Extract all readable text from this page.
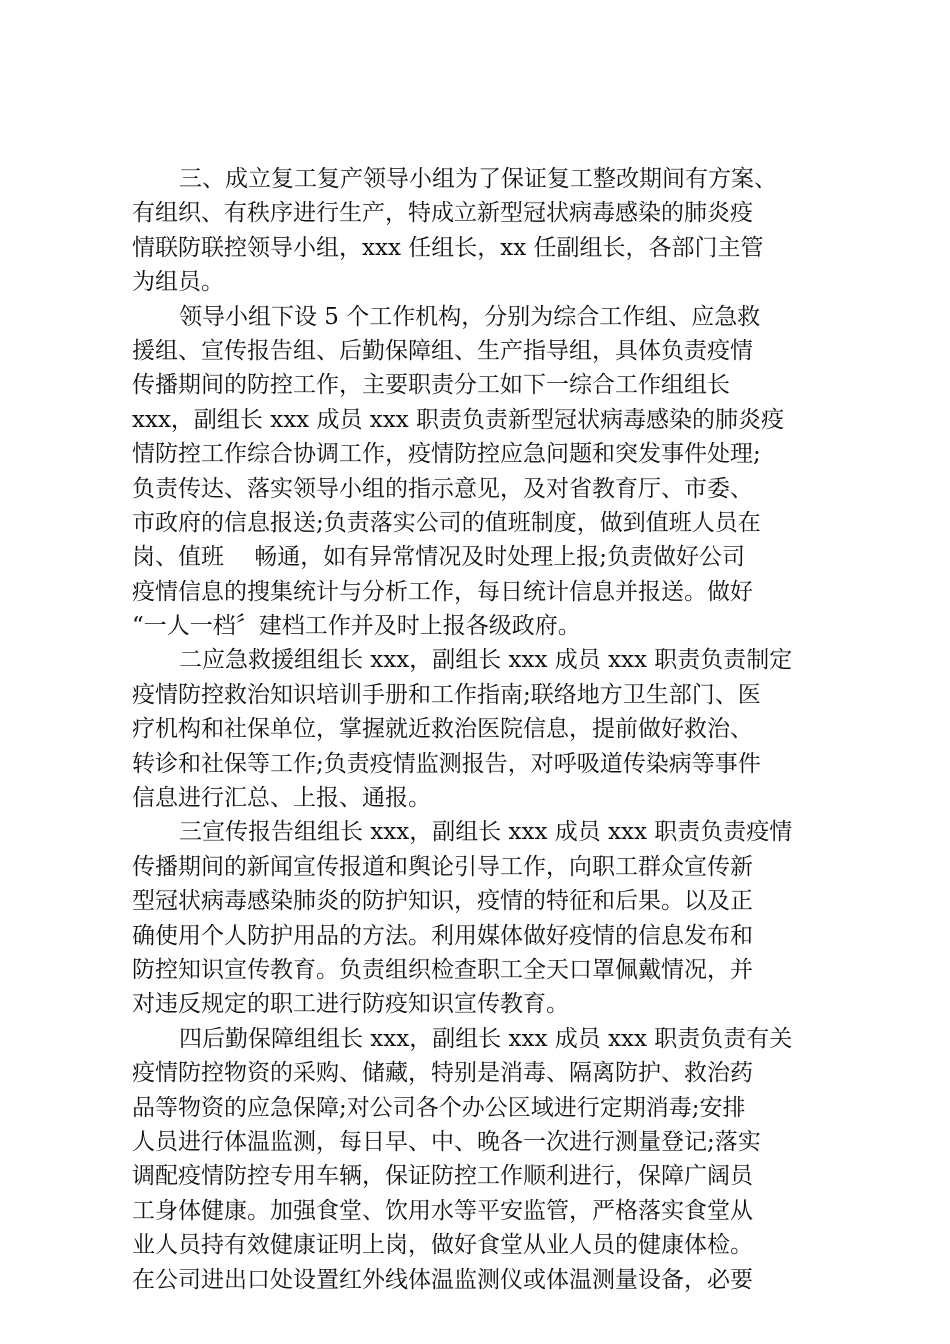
三、成立复工复产领导小组为了保证复工整改期间有方案、
有组织、有秩序进行生产，特成立新型冠状病毒感染的肺炎疫
情联防联控领导小组，xxx 任组长，xx 任副组长，各部门主管
为组员。
领导小组下设 5 个工作机构，分别为综合工作组、应急救
援组、宣传报告组、后勤保障组、生产指导组，具体负责疫情
传播期间的防控工作，主要职责分工如下一综合工作组组长
xxx，副组长 xxx 成员 xxx 职责负责新型冠状病毒感染的肺炎疫
情防控工作综合协调工作，疫情防控应急问题和突发事件处理;
负责传达、落实领导小组的指示意见，及对省教育厅、市委、
市政府的信息报送;负责落实公司的值班制度，做到值班人员在
岗、值班　 畅通，如有异常情况及时处理上报;负责做好公司
疫情信息的搜集统计与分析工作，每日统计信息并报送。做好
“一人一档〞建档工作并及时上报各级政府。
二应急救援组组长 xxx，副组长 xxx 成员 xxx 职责负责制定
疫情防控救治知识培训手册和工作指南;联络地方卫生部门、医
疗机构和社保单位，掌握就近救治医院信息，提前做好救治、
转诊和社保等工作;负责疫情监测报告，对呼吸道传染病等事件
信息进行汇总、上报、通报。
三宣传报告组组长 xxx，副组长 xxx 成员 xxx 职责负责疫情
传播期间的新闻宣传报道和舆论引导工作，向职工群众宣传新
型冠状病毒感染肺炎的防护知识，疫情的特征和后果。以及正
确使用个人防护用品的方法。利用媒体做好疫情的信息发布和
防控知识宣传教育。负责组织检查职工全天口罩佩戴情况，并
对违反规定的职工进行防疫知识宣传教育。
四后勤保障组组长 xxx，副组长 xxx 成员 xxx 职责负责有关
疫情防控物资的采购、储藏，特别是消毒、隔离防护、救治药
品等物资的应急保障;对公司各个办公区域进行定期消毒;安排
人员进行体温监测，每日早、中、晚各一次进行测量登记;落实
调配疫情防控专用车辆，保证防控工作顺利进行，保障广阔员
工身体健康。加强食堂、饮用水等平安监管，严格落实食堂从
业人员持有效健康证明上岗，做好食堂从业人员的健康体检。
在公司进出口处设置红外线体温监测仪或体温测量设备，必要
